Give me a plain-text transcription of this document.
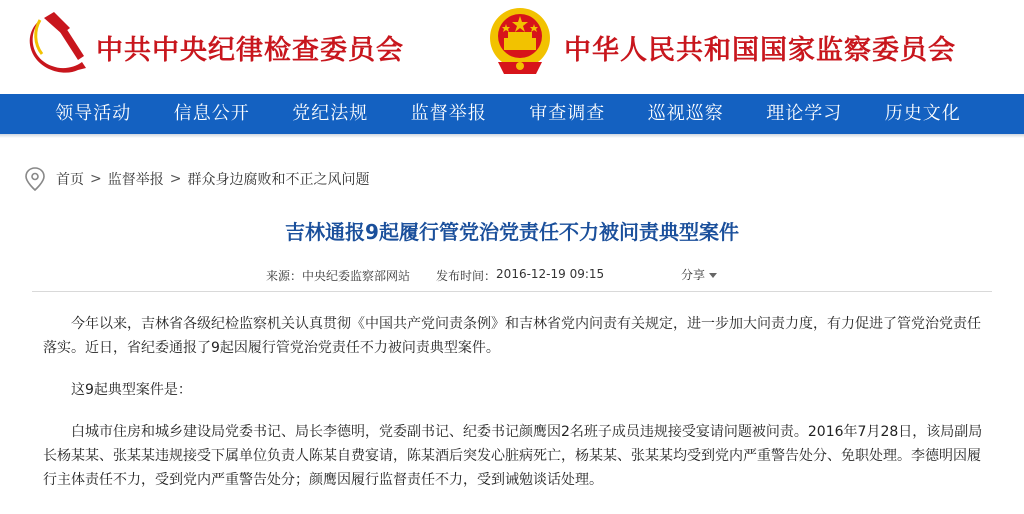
中共中央纪律检查委员会	中华人民共和国国家监察委员会
领导活动	信息公开	党纪法规	监督举报	审查调查	巡视巡察	理论学习	历史文化
首页 > 监督举报 > 群众身边腐败和不正之风问题
吉林通报9起履行管党治党责任不力被问责典型案件
来源： 中央纪委监察部网站 发布时间： 2016-12-19 09:15	分享

今年以来，吉林省各级纪检监察机关认真贯彻《中国共产党问责条例》和吉林省党内问责有关规定，进一步加大问责力度，有力促进了管党治党责任落实。近日，省纪委通报了9起因履行管党治党责任不力被问责典型案件。

这9起典型案件是：

白城市住房和城乡建设局党委书记、局长李德明，党委副书记、纪委书记颜鹰因2名班子成员违规接受宴请问题被问责。2016年7月28日，该局副局长杨某某、张某某违规接受下属单位负责人陈某自费宴请，陈某酒后突发心脏病死亡，杨某某、张某某均受到党内严重警告处分、免职处理。李德明因履行主体责任不力，受到党内严重警告处分；颜鹰因履行监督责任不力，受到诫勉谈话处理。
